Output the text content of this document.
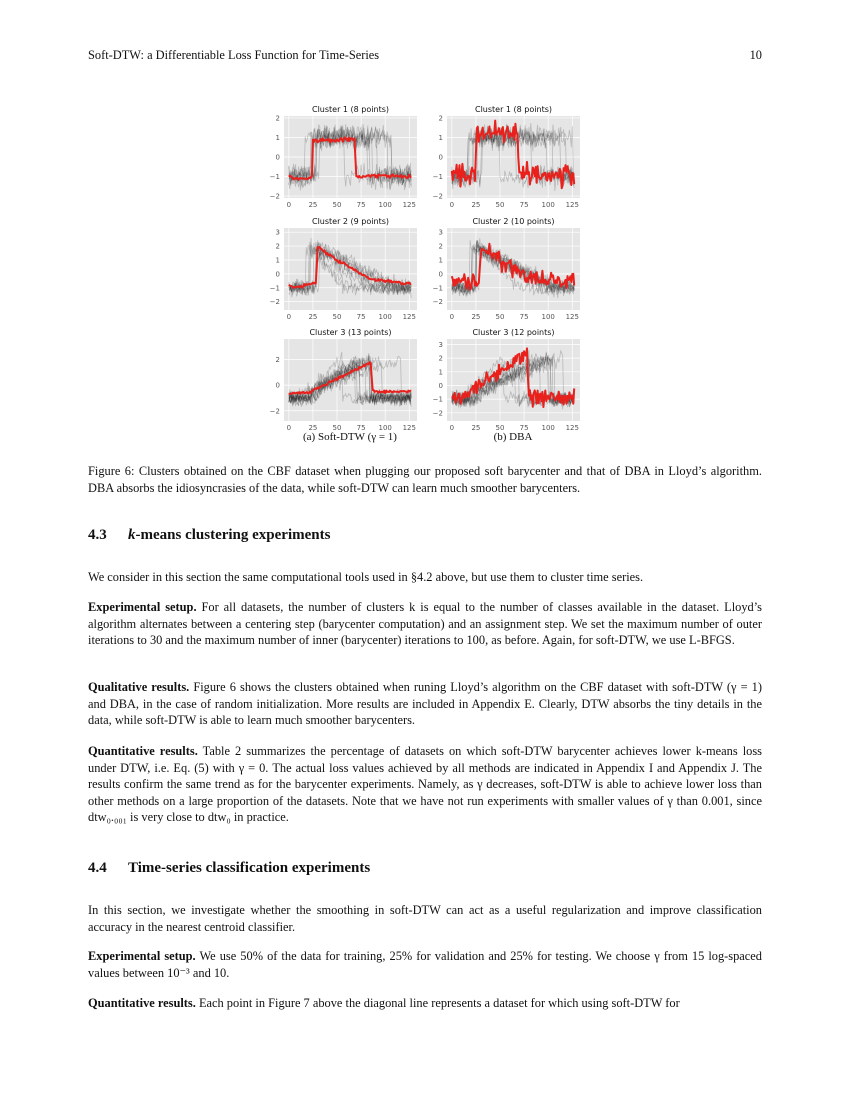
Soft-DTW: a Differentiable Loss Function for Time-Series	10
0 25 50 75 100 125
−2
−1
0
1
2
Cluster 1 (8 points)
0 25 50 75 100 125
−2
−1
0
1
2
Cluster 1 (8 points)
0 25 50 75 100 125
−2
−1
0
1
2
3
Cluster 2 (9 points)
0 25 50 75 100 125
−2
−1
0
1
2
3
Cluster 2 (10 points)
0 25 50 75 100 125
−2
0
2
Cluster 3 (13 points)
0 25 50 75 100 125
−2
−1
0
1
2
3
Cluster 3 (12 points)
(a) Soft-DTW (γ = 1)	(b) DBA

Figure 6: Clusters obtained on the CBF dataset when plugging our proposed soft barycenter and that of DBA in Lloyd’s algorithm. DBA absorbs the idiosyncrasies of the data, while soft-DTW can learn much smoother barycenters.

4.3 k-means clustering experiments

We consider in this section the same computational tools used in §4.2 above, but use them to cluster time series.

Experimental setup. For all datasets, the number of clusters k is equal to the number of classes available in the dataset. Lloyd’s algorithm alternates between a centering step (barycenter computation) and an assignment step. We set the maximum number of outer iterations to 30 and the maximum number of inner (barycenter) iterations to 100, as before. Again, for soft-DTW, we use L-BFGS.

Qualitative results. Figure 6 shows the clusters obtained when runing Lloyd’s algorithm on the CBF dataset with soft-DTW (γ = 1) and DBA, in the case of random initialization. More results are included in Appendix E. Clearly, DTW absorbs the tiny details in the data, while soft-DTW is able to learn much smoother barycenters.

Quantitative results. Table 2 summarizes the percentage of datasets on which soft-DTW barycenter achieves lower k-means loss under DTW, i.e. Eq. (5) with γ = 0. The actual loss values achieved by all methods are indicated in Appendix I and Appendix J. The results confirm the same trend as for the barycenter experiments. Namely, as γ decreases, soft-DTW is able to achieve lower loss than other methods on a large proportion of the datasets. Note that we have not run experiments with smaller values of γ than 0.001, since dtw₀.₀₀₁ is very close to dtw₀ in practice.

4.4 Time-series classification experiments

In this section, we investigate whether the smoothing in soft-DTW can act as a useful regularization and improve classification accuracy in the nearest centroid classifier.

Experimental setup. We use 50% of the data for training, 25% for validation and 25% for testing. We choose γ from 15 log-spaced values between 10⁻³ and 10.

Quantitative results. Each point in Figure 7 above the diagonal line represents a dataset for which using soft-DTW for
